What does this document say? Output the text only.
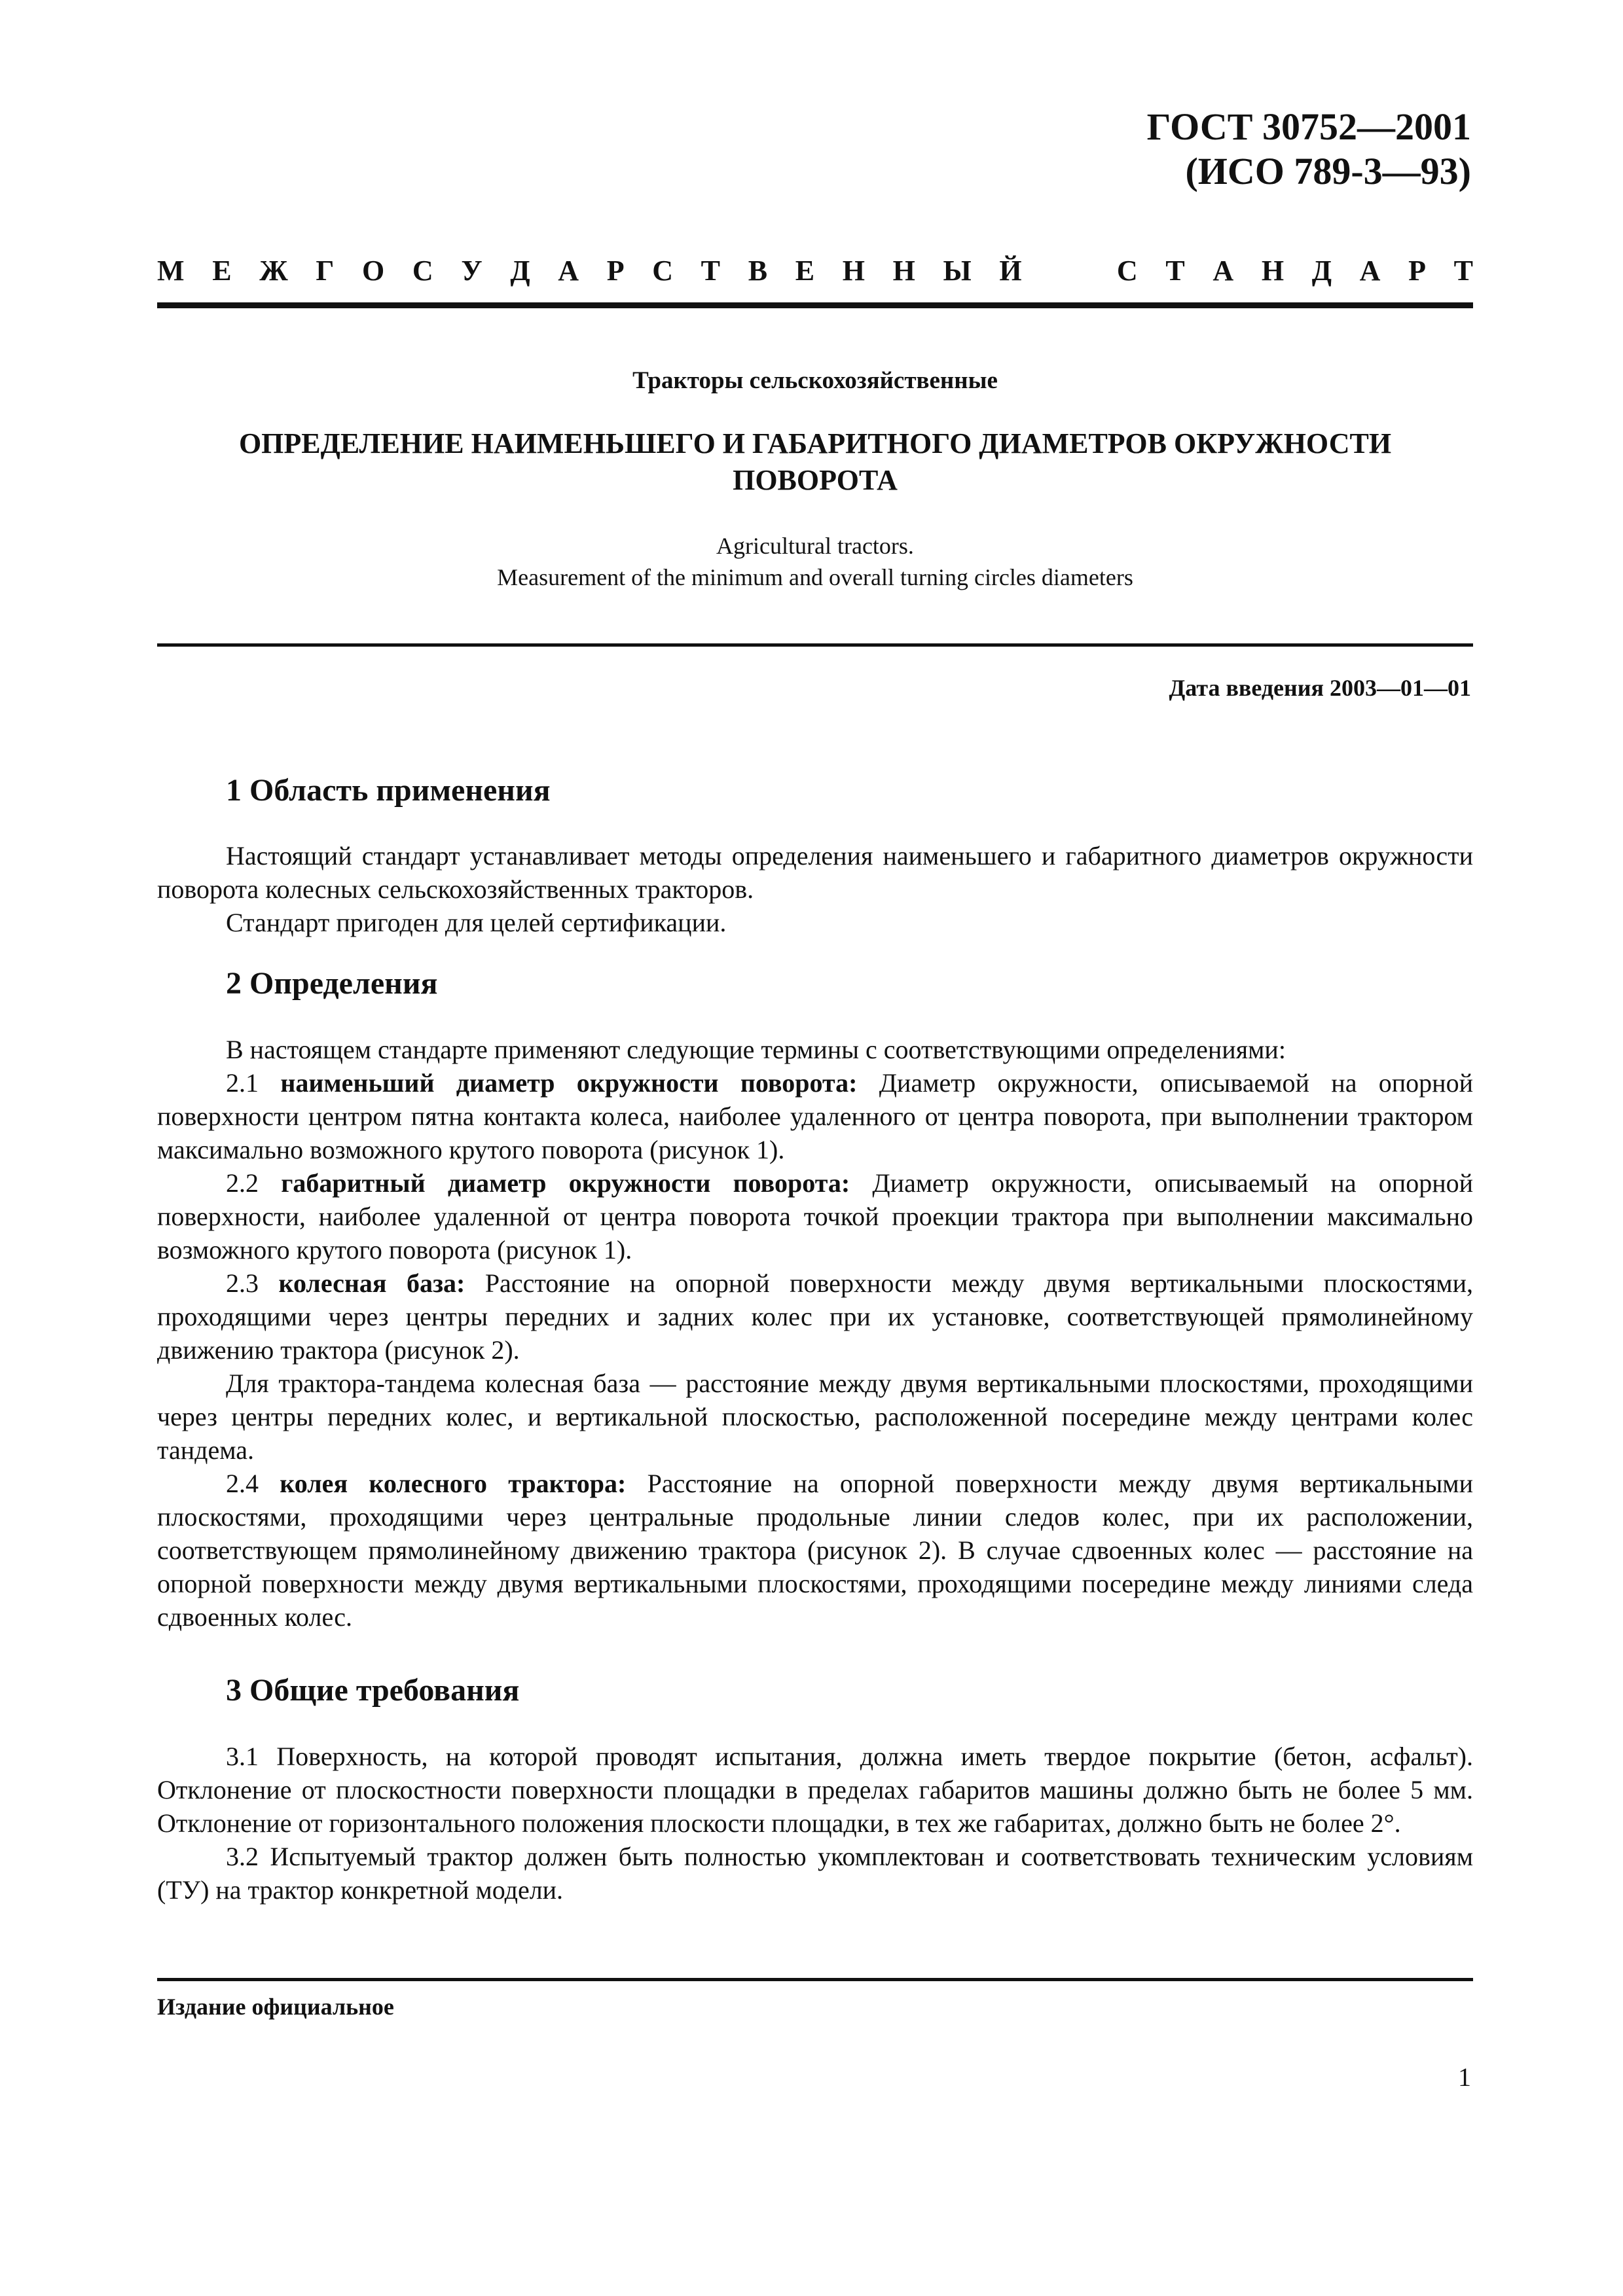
ГОСТ 30752—2001
(ИСО 789-3—93)
М Е Ж Г О С У Д А Р С Т В Е Н Н Ы Й	С Т А Н Д А Р Т
Тракторы сельскохозяйственные
ОПРЕДЕЛЕНИЕ НАИМЕНЬШЕГО И ГАБАРИТНОГО ДИАМЕТРОВ ОКРУЖНОСТИ
ПОВОРОТА
Agricultural tractors.
Measurement of the minimum and overall turning circles diameters
Дата введения 2003—01—01
1 Область применения

Настоящий стандарт устанавливает методы определения наименьшего и габаритного диаметров окружности поворота колесных сельскохозяйственных тракторов.

Стандарт пригоден для целей сертификации.

2 Определения

В настоящем стандарте применяют следующие термины с соответствующими определениями:

2.1 наименьший диаметр окружности поворота: Диаметр окружности, описываемой на опорной поверхности центром пятна контакта колеса, наиболее удаленного от центра поворота, при выполнении трактором максимально возможного крутого поворота (рисунок 1).

2.2 габаритный диаметр окружности поворота: Диаметр окружности, описываемый на опорной поверхности, наиболее удаленной от центра поворота точкой проекции трактора при выполнении максимально возможного крутого поворота (рисунок 1).

2.3 колесная база: Расстояние на опорной поверхности между двумя вертикальными плоскостями, проходящими через центры передних и задних колес при их установке, соответствующей прямолинейному движению трактора (рисунок 2).

Для трактора-тандема колесная база — расстояние между двумя вертикальными плоскостями, проходящими через центры передних колес, и вертикальной плоскостью, расположенной посередине между центрами колес тандема.

2.4 колея колесного трактора: Расстояние на опорной поверхности между двумя вертикальными плоскостями, проходящими через центральные продольные линии следов колес, при их расположении, соответствующем прямолинейному движению трактора (рисунок 2). В случае сдвоенных колес — расстояние на опорной поверхности между двумя вертикальными плоскостями, проходящими посередине между линиями следа сдвоенных колес.

3 Общие требования

3.1 Поверхность, на которой проводят испытания, должна иметь твердое покрытие (бетон, асфальт). Отклонение от плоскостности поверхности площадки в пределах габаритов машины должно быть не более 5 мм. Отклонение от горизонтального положения плоскости площадки, в тех же габаритах, должно быть не более 2°.

3.2 Испытуемый трактор должен быть полностью укомплектован и соответствовать техническим условиям (ТУ) на трактор конкретной модели.

Издание официальное
1
